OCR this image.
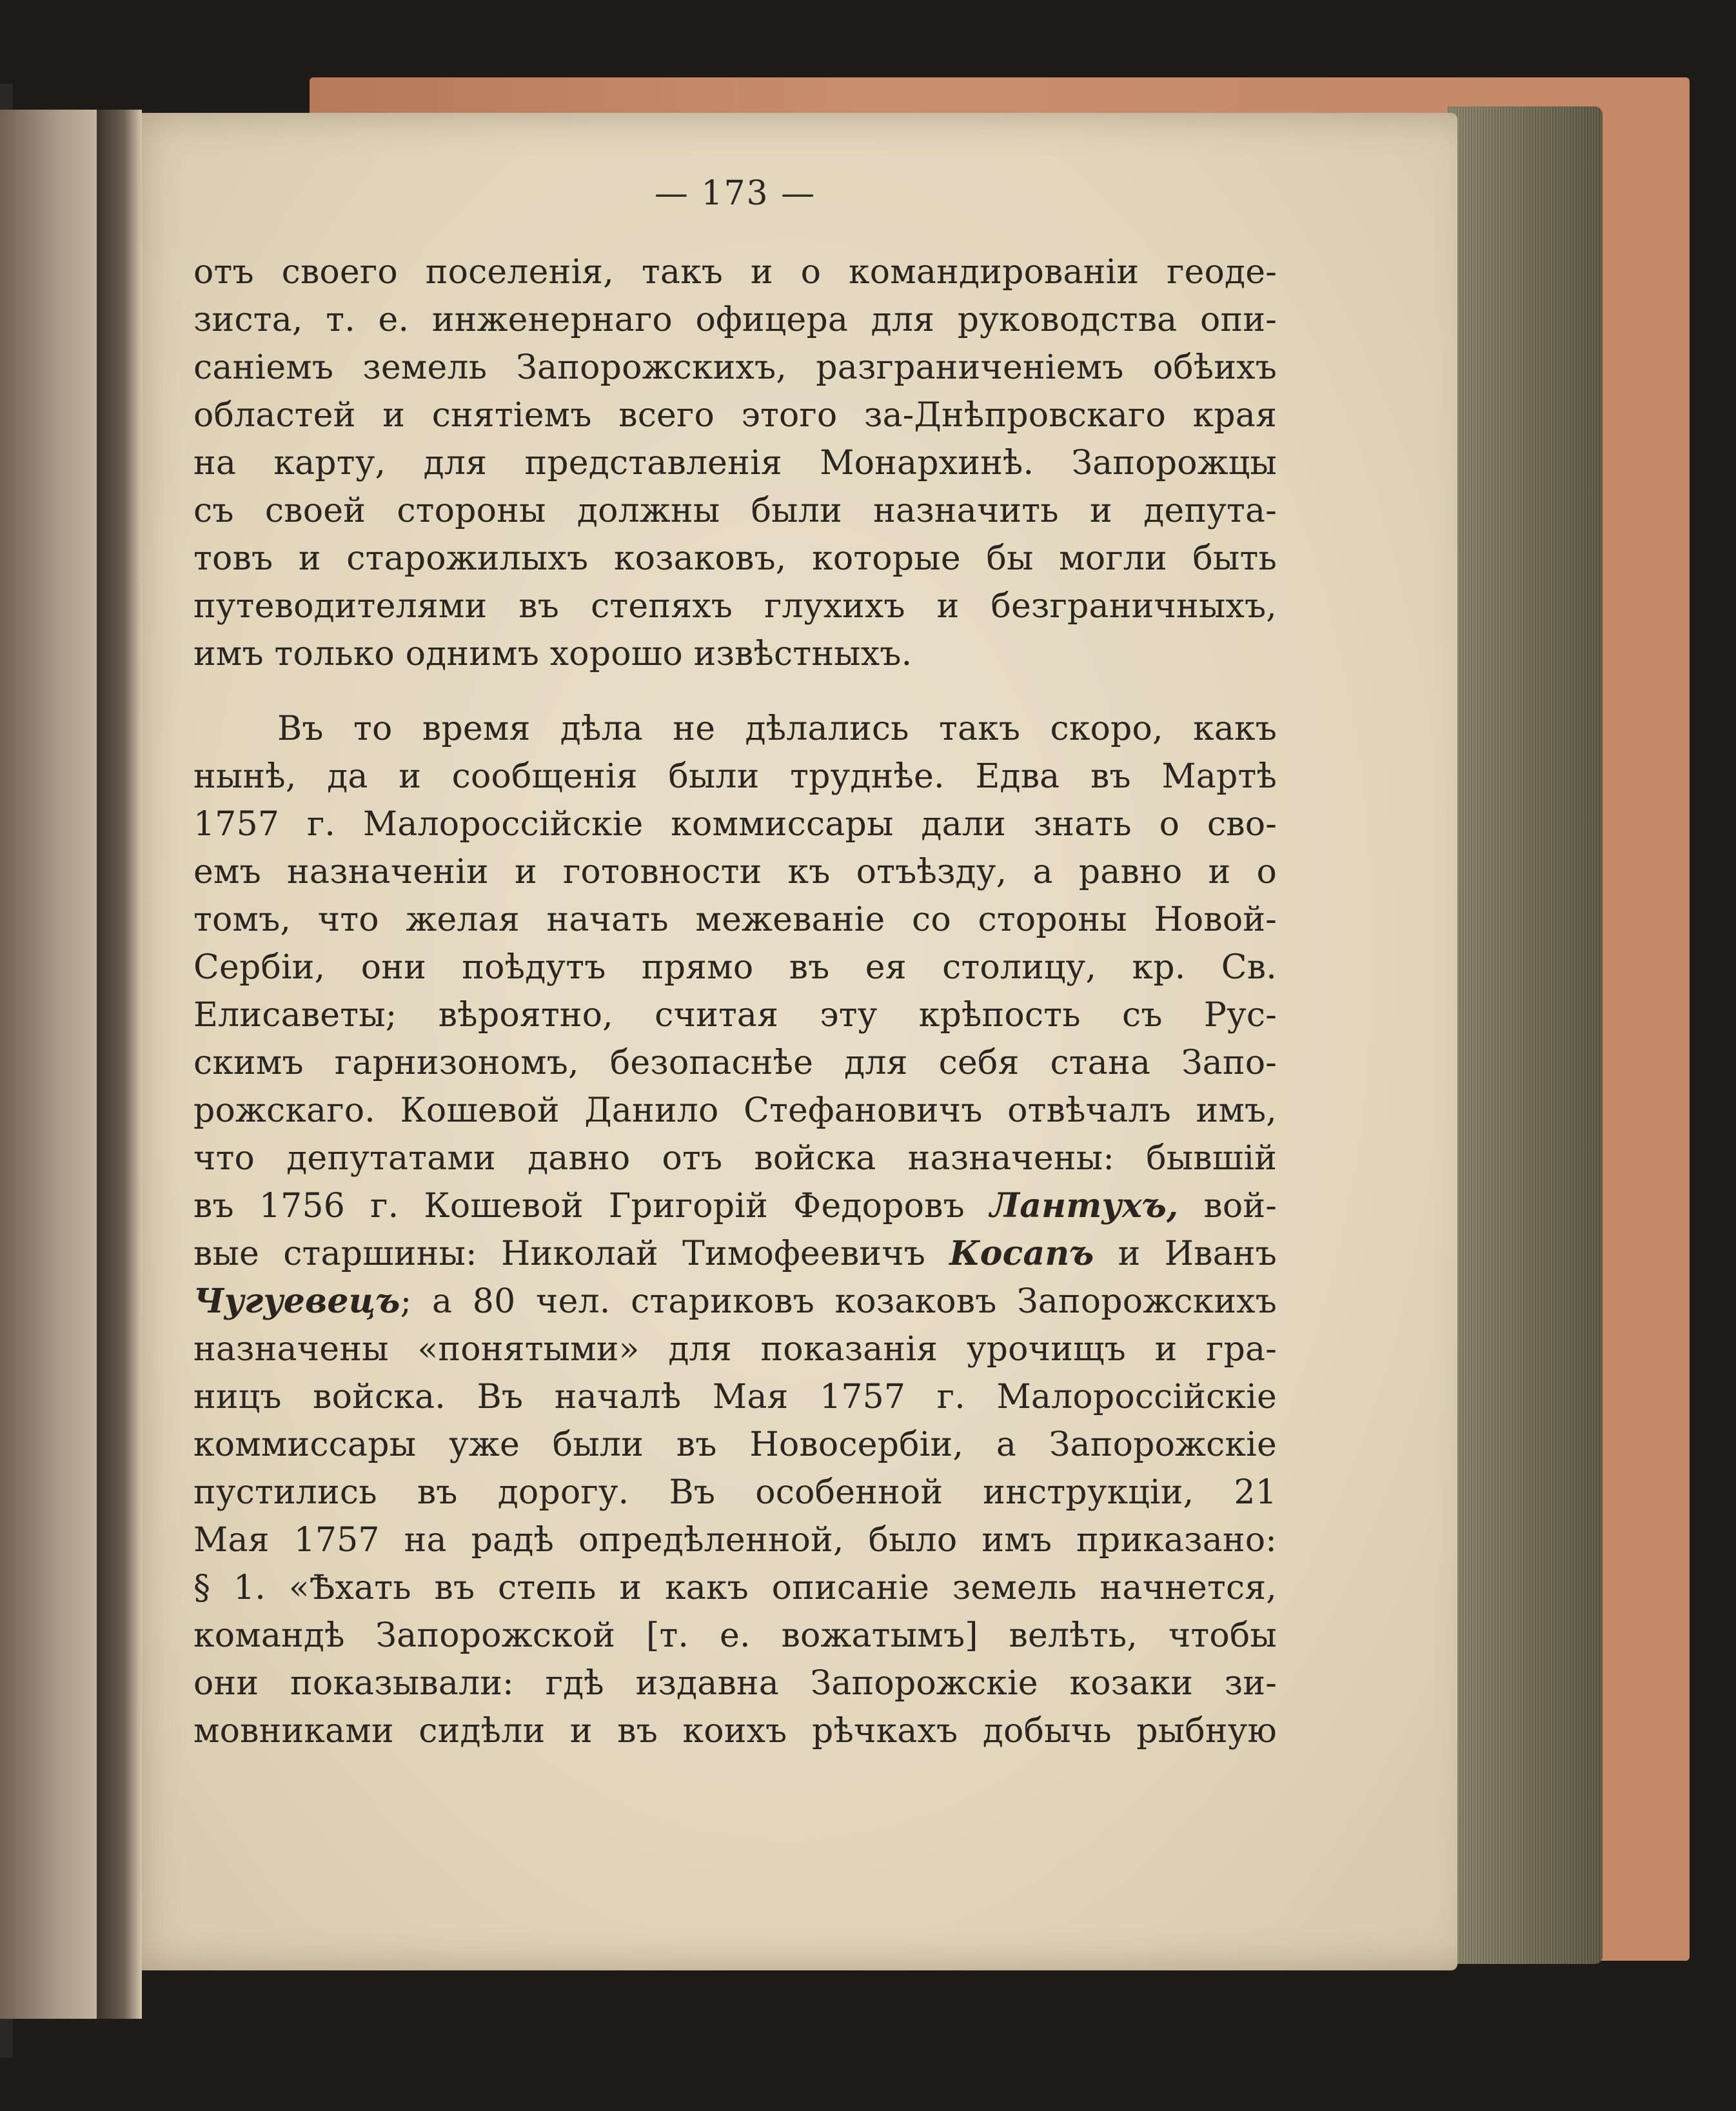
— 173 —
отъ своего поселенія, такъ и о командированіи геоде-
зиста, т. е. инженернаго офицера для руководства опи-
саніемъ земель Запорожскихъ, разграниченіемъ обѣихъ
областей и снятіемъ всего этого за-Днѣпровскаго края
на карту, для представленія Монархинѣ. Запорожцы
съ своей стороны должны были назначить и депута-
товъ и старожилыхъ козаковъ, которые бы могли быть
путеводителями въ степяхъ глухихъ и безграничныхъ,
имъ только однимъ хорошо извѣстныхъ.
Въ то время дѣла не дѣлались такъ скоро, какъ
нынѣ, да и сообщенія были труднѣе. Едва въ Мартѣ
1757 г. Малороссійскіе коммиссары дали знать о сво-
емъ назначеніи и готовности къ отъѣзду, а равно и о
томъ, что желая начать межеваніе со стороны Новой-
Сербіи, они поѣдутъ прямо въ ея столицу, кр. Св.
Елисаветы; вѣроятно, считая эту крѣпость съ Рус-
скимъ гарнизономъ, безопаснѣе для себя стана Запо-
рожскаго. Кошевой Данило Стефановичъ отвѣчалъ имъ,
что депутатами давно отъ войска назначены: бывшій
въ 1756 г. Кошевой Григорій Федоровъ Лантухъ, вой-
вые старшины: Николай Тимофеевичъ Косапъ и Иванъ
Чугуевецъ; а 80 чел. стариковъ козаковъ Запорожскихъ
назначены «понятыми» для показанія урочищъ и гра-
ницъ войска. Въ началѣ Мая 1757 г. Малороссійскіе
коммиссары уже были въ Новосербіи, а Запорожскіе
пустились въ дорогу. Въ особенной инструкціи, 21
Мая 1757 на радѣ опредѣленной, было имъ приказано:
§ 1. «Ѣхать въ степь и какъ описаніе земель начнется,
командѣ Запорожской [т. е. вожатымъ] велѣть, чтобы
они показывали: гдѣ издавна Запорожскіе козаки зи-
мовниками сидѣли и въ коихъ рѣчкахъ добычь рыбную
